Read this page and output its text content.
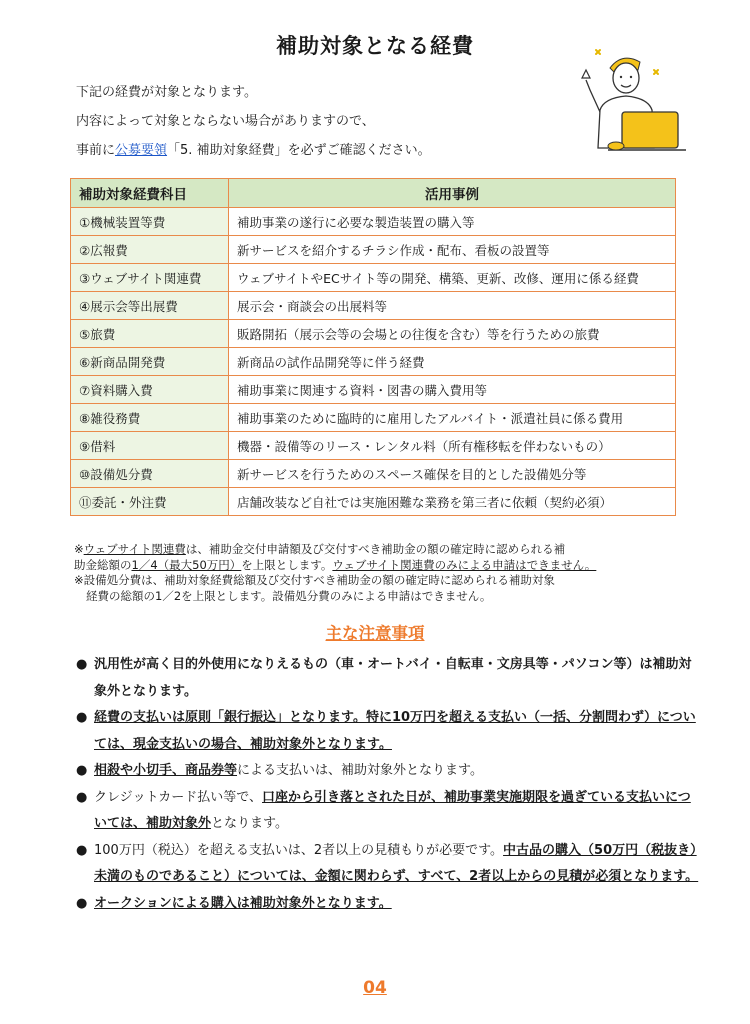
補助対象となる経費
下記の経費が対象となります。
内容によって対象とならない場合がありますので、
事前に公募要領「5. 補助対象経費」を必ずご確認ください。
補助対象経費科目	活用事例
①機械装置等費	補助事業の遂行に必要な製造装置の購入等
②広報費	新サービスを紹介するチラシ作成・配布、看板の設置等
③ウェブサイト関連費	ウェブサイトやECサイト等の開発、構築、更新、改修、運用に係る経費
④展示会等出展費	展示会・商談会の出展料等
⑤旅費	販路開拓（展示会等の会場との往復を含む）等を行うための旅費
⑥新商品開発費	新商品の試作品開発等に伴う経費
⑦資料購入費	補助事業に関連する資料・図書の購入費用等
⑧雑役務費	補助事業のために臨時的に雇用したアルバイト・派遣社員に係る費用
⑨借料	機器・設備等のリース・レンタル料（所有権移転を伴わないもの）
⑩設備処分費	新サービスを行うためのスペース確保を目的とした設備処分等
⑪委託・外注費	店舗改装など自社では実施困難な業務を第三者に依頼（契約必須）
※ウェブサイト関連費は、補助金交付申請額及び交付すべき補助金の額の確定時に認められる補
助金総額の1／4（最大50万円）を上限とします。ウェブサイト関連費のみによる申請はできません。
※設備処分費は、補助対象経費総額及び交付すべき補助金の額の確定時に認められる補助対象
経費の総額の1／2を上限とします。設備処分費のみによる申請はできません。
主な注意事項
● 汎用性が高く目的外使用になりえるもの（車・オートバイ・自転車・文房具等・パソコン等）は補助対象外となります。
● 経費の支払いは原則「銀行振込」となります。特に10万円を超える支払い（一括、分割問わず）については、現金支払いの場合、補助対象外となります。
● 相殺や小切手、商品券等による支払いは、補助対象外となります。
● クレジットカード払い等で、口座から引き落とされた日が、補助事業実施期限を過ぎている支払いについては、補助対象外となります。
● 100万円（税込）を超える支払いは、2者以上の見積もりが必要です。中古品の購入（50万円（税抜き）未満のものであること）については、金額に関わらず、すべて、2者以上からの見積が必須となります。
● オークションによる購入は補助対象外となります。
04
